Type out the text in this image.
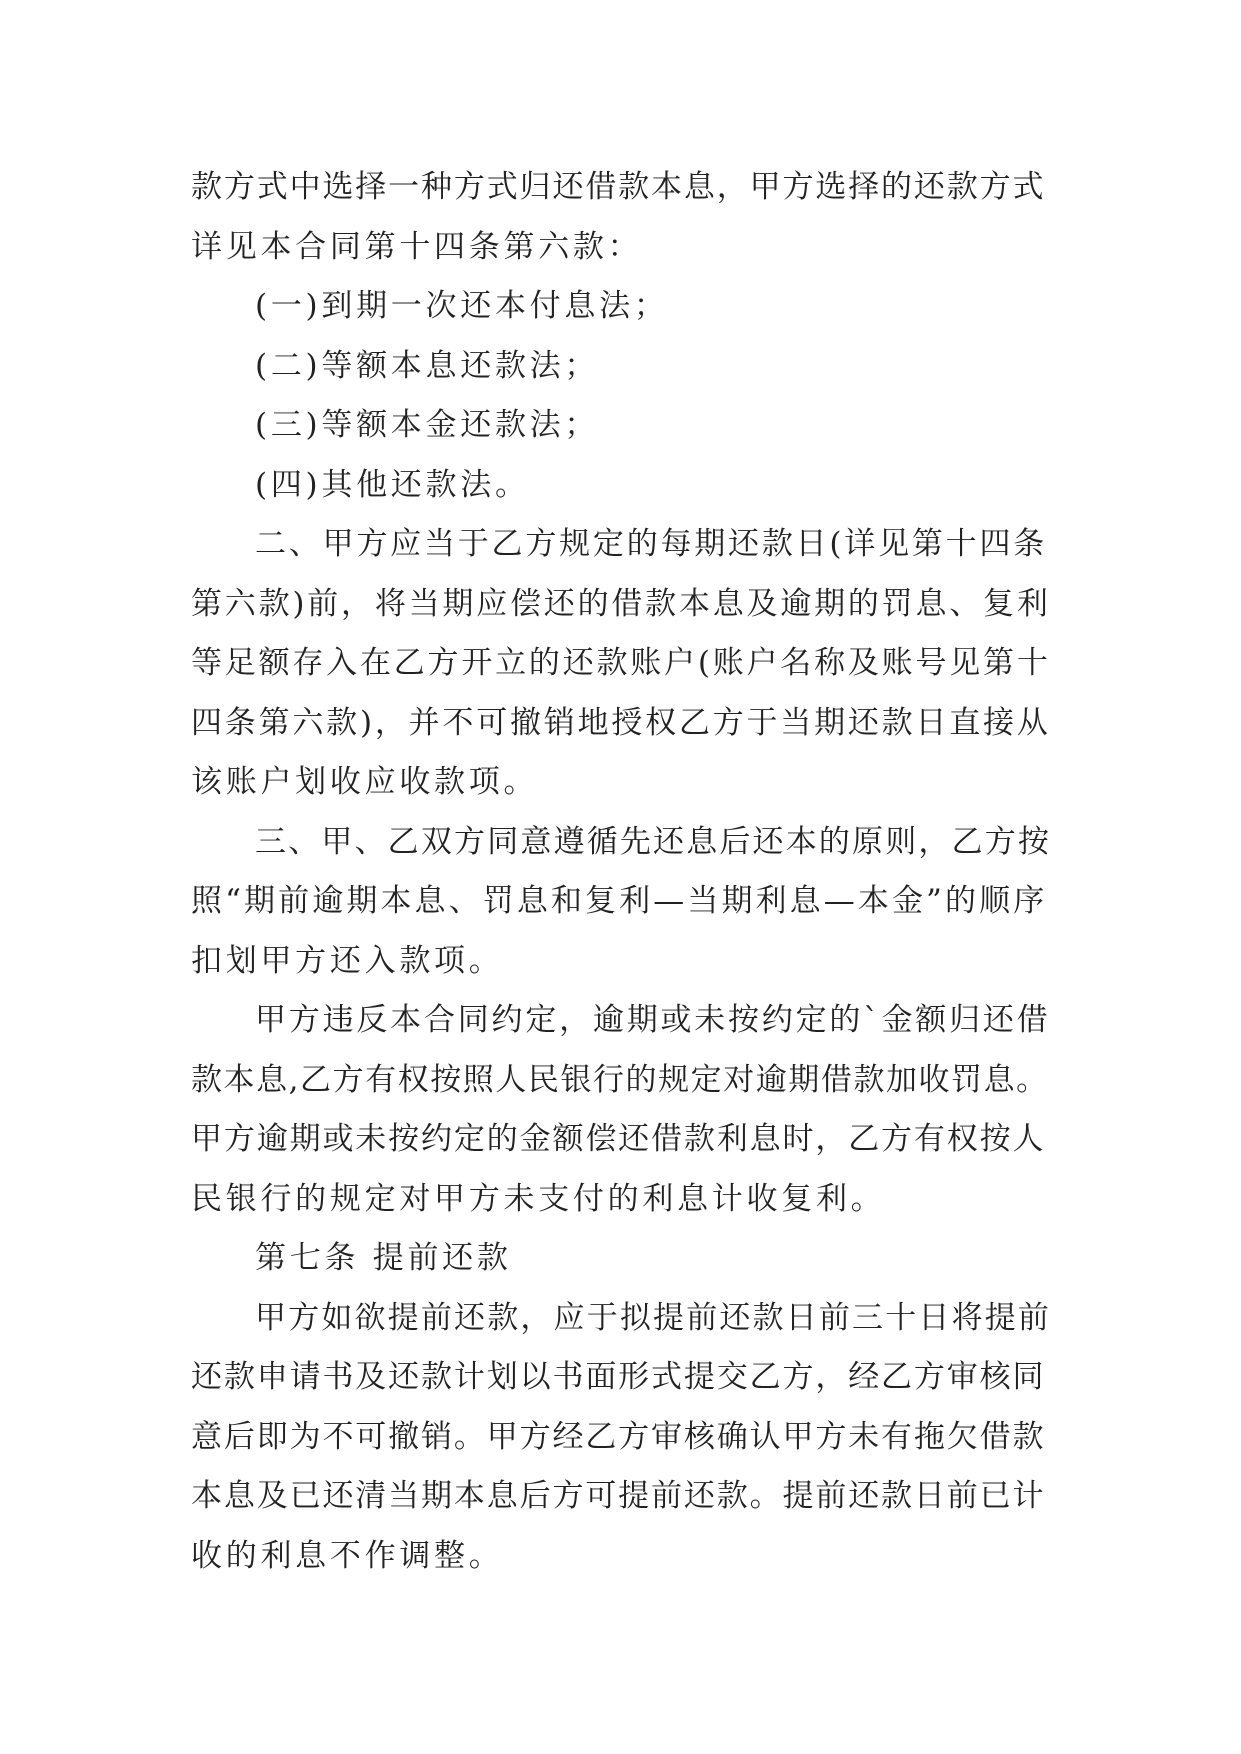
款方式中选择一种方式归还借款本息，甲方选择的还款方式
详见本合同第十四条第六款：
(一)到期一次还本付息法；
(二)等额本息还款法；
(三)等额本金还款法；
(四)其他还款法。
二、甲方应当于乙方规定的每期还款日(详见第十四条
第六款)前，将当期应偿还的借款本息及逾期的罚息、复利
等足额存入在乙方开立的还款账户(账户名称及账号见第十
四条第六款)，并不可撤销地授权乙方于当期还款日直接从
该账户划收应收款项。
三、甲、乙双方同意遵循先还息后还本的原则，乙方按
照“期前逾期本息、罚息和复利—当期利息—本金”的顺序
扣划甲方还入款项。
甲方违反本合同约定，逾期或未按约定的`金额归还借
款本息,乙方有权按照人民银行的规定对逾期借款加收罚息。
甲方逾期或未按约定的金额偿还借款利息时，乙方有权按人
民银行的规定对甲方未支付的利息计收复利。
第七条 提前还款
甲方如欲提前还款，应于拟提前还款日前三十日将提前
还款申请书及还款计划以书面形式提交乙方，经乙方审核同
意后即为不可撤销。甲方经乙方审核确认甲方未有拖欠借款
本息及已还清当期本息后方可提前还款。提前还款日前已计
收的利息不作调整。
